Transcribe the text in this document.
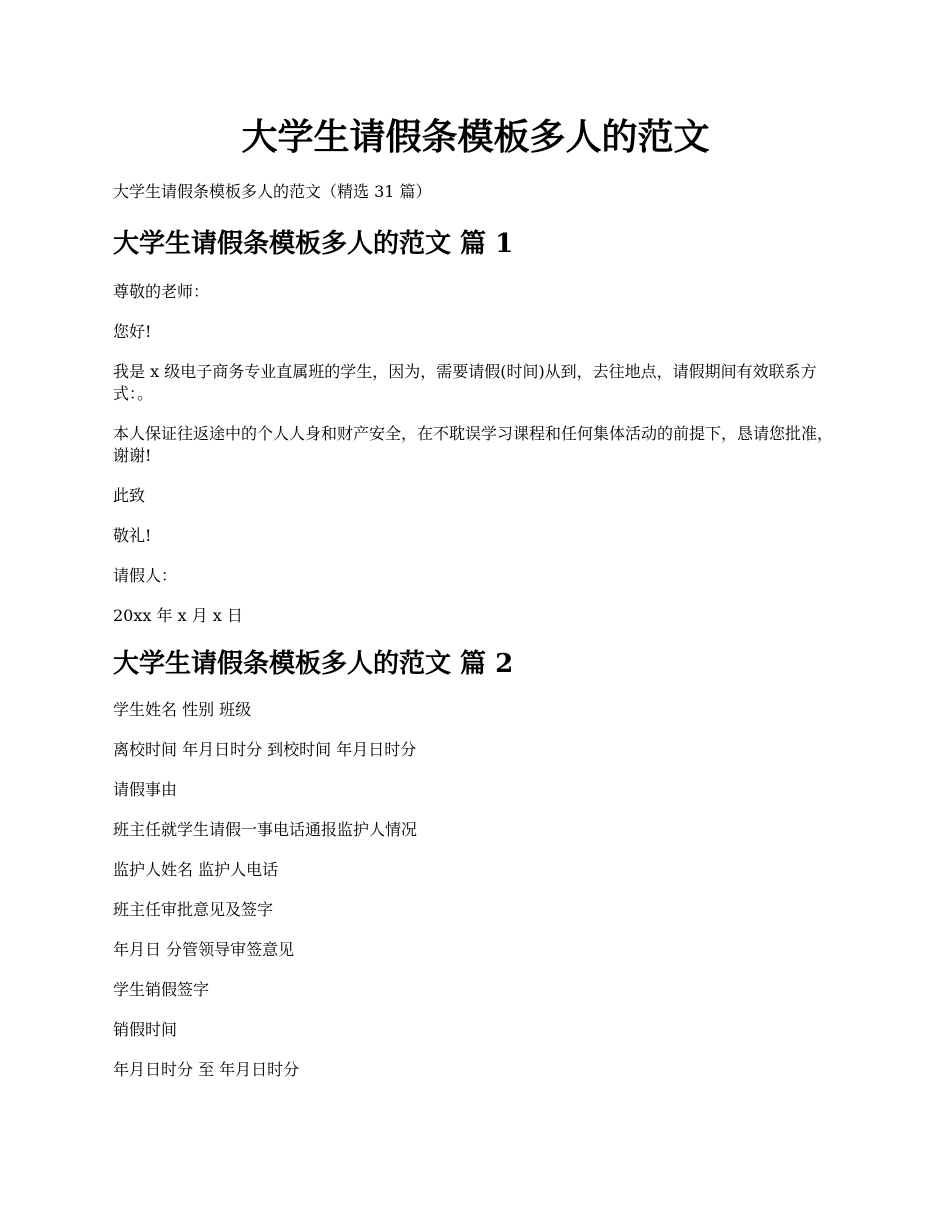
大学生请假条模板多人的范文

大学生请假条模板多人的范文（精选 31 篇）

大学生请假条模板多人的范文 篇 1

尊敬的老师：

您好!

我是 x 级电子商务专业直属班的学生，因为，需要请假(时间)从到，去往地点，请假期间有效联系方式：。

本人保证往返途中的个人人身和财产安全，在不耽误学习课程和任何集体活动的前提下，恳请您批准，谢谢!

此致

敬礼!

请假人：

20xx 年 x 月 x 日

大学生请假条模板多人的范文 篇 2

学生姓名 性别 班级

离校时间 年月日时分 到校时间 年月日时分

请假事由

班主任就学生请假一事电话通报监护人情况

监护人姓名 监护人电话

班主任审批意见及签字

年月日 分管领导审签意见

学生销假签字

销假时间

年月日时分 至 年月日时分
